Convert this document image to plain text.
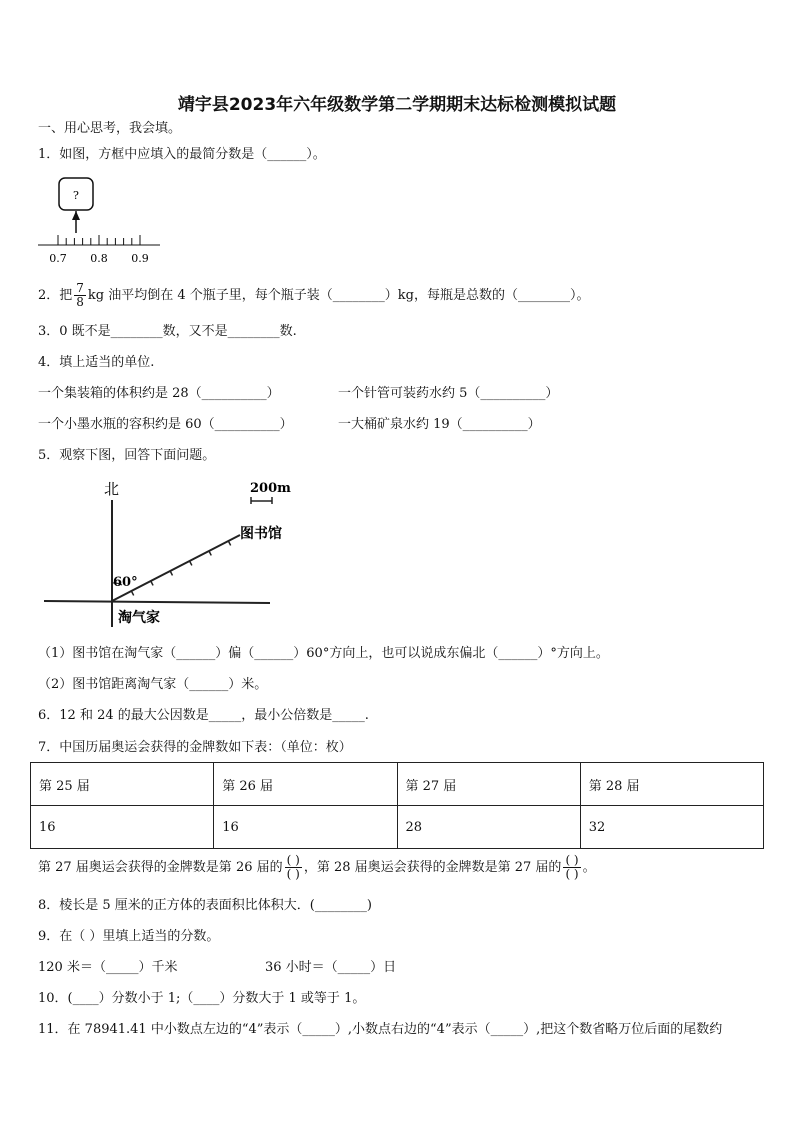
靖宇县2023年六年级数学第二学期期末达标检测模拟试题
一、用心思考，我会填。
1．如图，方框中应填入的最简分数是（______）。
?
0.7 0.8 0.9
2．把 $\frac{7}{8}$ kg 油平均倒在 4 个瓶子里，每个瓶子装（________）kg，每瓶是总数的（________）。
3．0 既不是________数，又不是________数.
4．填上适当的单位.
一个集装箱的体积约是 28（__________）	一个针管可装药水约 5（__________）
一个小墨水瓶的容积约是 60（__________）	一大桶矿泉水约 19（__________）
5．观察下图，回答下面问题。
北
60°
图书馆
淘气家
200m
（1）图书馆在淘气家（______）偏（______）60°方向上，也可以说成东偏北（______）°方向上。
（2）图书馆距离淘气家（______）米。
6．12 和 24 的最大公因数是_____，最小公倍数是_____.
7．中国历届奥运会获得的金牌数如下表：（单位：枚）
第 25 届	第 26 届	第 27 届	第 28 届
16	16	28	32
第 27 届奥运会获得的金牌数是第 26 届的 $\frac{( )}{( )}$ ，第 28 届奥运会获得的金牌数是第 27 届的 $\frac{( )}{( )}$ 。
8．棱长是 5 厘米的正方体的表面积比体积大．(________)
9．在（ ）里填上适当的分数。
120 米＝（_____）千米	36 小时＝（_____）日
10．(____）分数小于 1;（____）分数大于 1 或等于 1。
11．在 78941.41 中小数点左边的“4”表示（_____）,小数点右边的“4”表示（_____）,把这个数省略万位后面的尾数约
